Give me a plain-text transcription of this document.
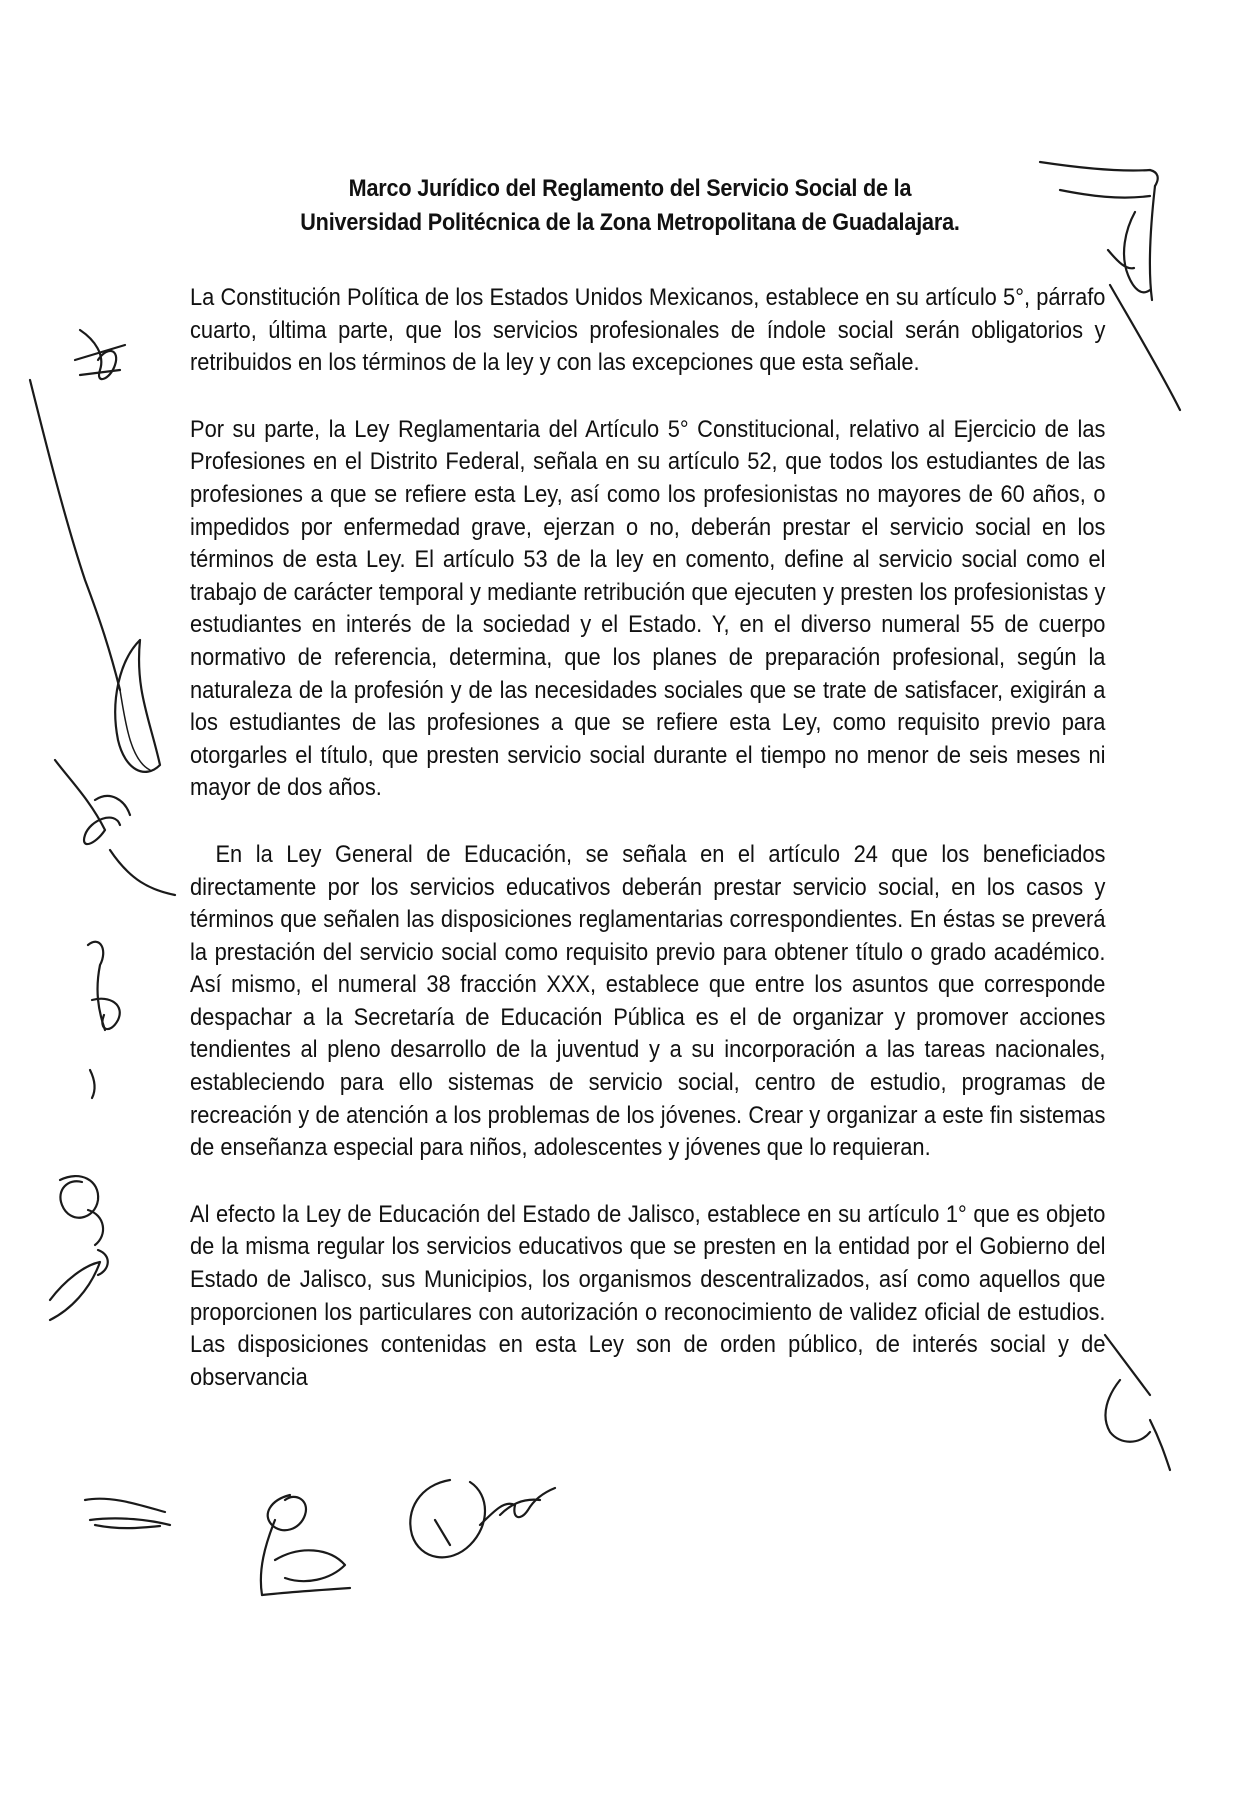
Marco Jurídico del Reglamento del Servicio Social de la
Universidad Politécnica de la Zona Metropolitana de Guadalajara.

La Constitución Política de los Estados Unidos Mexicanos, establece en su artículo 5°, párrafo cuarto, última parte, que los servicios profesionales de índole social serán obligatorios y retribuidos en los términos de la ley y con las excepciones que esta señale.

Por su parte, la Ley Reglamentaria del Artículo 5° Constitucional, relativo al Ejercicio de las Profesiones en el Distrito Federal, señala en su artículo 52, que todos los estudiantes de las profesiones a que se refiere esta Ley, así como los profesionistas no mayores de 60 años, o impedidos por enfermedad grave, ejerzan o no, deberán prestar el servicio social en los términos de esta Ley. El artículo 53 de la ley en comento, define al servicio social como el trabajo de carácter temporal y mediante retribución que ejecuten y presten los profesionistas y estudiantes en interés de la sociedad y el Estado. Y, en el diverso numeral 55 de cuerpo normativo de referencia, determina, que los planes de preparación profesional, según la naturaleza de la profesión y de las necesidades sociales que se trate de satisfacer, exigirán a los estudiantes de las profesiones a que se refiere esta Ley, como requisito previo para otorgarles el título, que presten servicio social durante el tiempo no menor de seis meses ni mayor de dos años.

En la Ley General de Educación, se señala en el artículo 24 que los beneficiados directamente por los servicios educativos deberán prestar servicio social, en los casos y términos que señalen las disposiciones reglamentarias correspondientes. En éstas se preverá la prestación del servicio social como requisito previo para obtener título o grado académico. Así mismo, el numeral 38 fracción XXX, establece que entre los asuntos que corresponde despachar a la Secretaría de Educación Pública es el de organizar y promover acciones tendientes al pleno desarrollo de la juventud y a su incorporación a las tareas nacionales, estableciendo para ello sistemas de servicio social, centro de estudio, programas de recreación y de atención a los problemas de los jóvenes. Crear y organizar a este fin sistemas de enseñanza especial para niños, adolescentes y jóvenes que lo requieran.

Al efecto la Ley de Educación del Estado de Jalisco, establece en su artículo 1° que es objeto de la misma regular los servicios educativos que se presten en la entidad por el Gobierno del Estado de Jalisco, sus Municipios, los organismos descentralizados, así como aquellos que proporcionen los particulares con autorización o reconocimiento de validez oficial de estudios. Las disposiciones contenidas en esta Ley son de orden público, de interés social y de observancia
